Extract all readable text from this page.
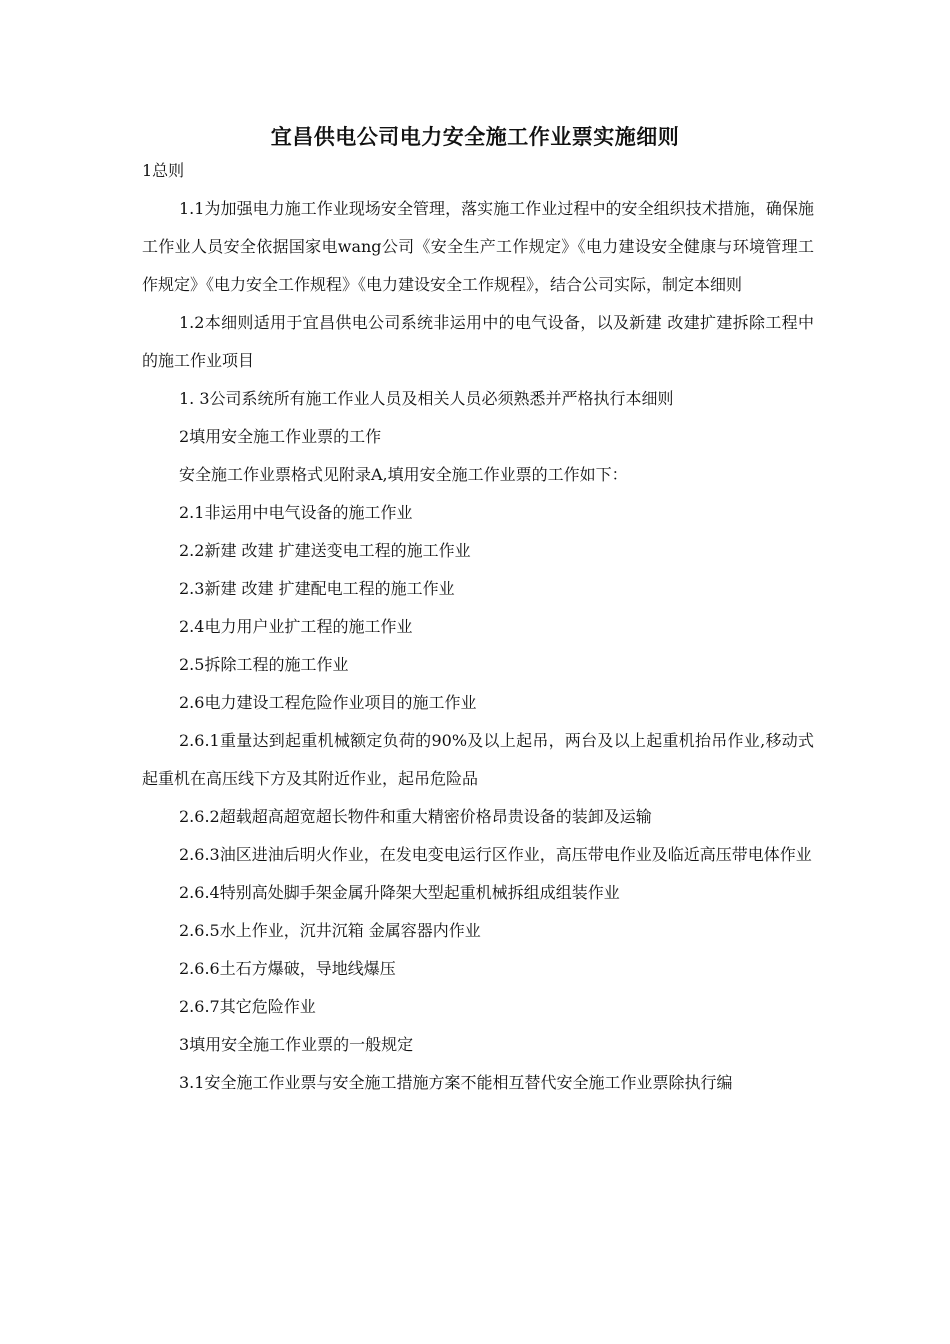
宜昌供电公司电力安全施工作业票实施细则

1总则

1.1为加强电力施工作业现场安全管理，落实施工作业过程中的安全组织技术措施，确保施工作业人员安全依据国家电wang公司《安全生产工作规定》《电力建设安全健康与环境管理工作规定》《电力安全工作规程》《电力建设安全工作规程》，结合公司实际，制定本细则

1.2本细则适用于宜昌供电公司系统非运用中的电气设备，以及新建 改建扩建拆除工程中的施工作业项目

1. 3公司系统所有施工作业人员及相关人员必须熟悉并严格执行本细则

2填用安全施工作业票的工作

安全施工作业票格式见附录A,填用安全施工作业票的工作如下：

2.1非运用中电气设备的施工作业

2.2新建 改建 扩建送变电工程的施工作业

2.3新建 改建 扩建配电工程的施工作业

2.4电力用户业扩工程的施工作业

2.5拆除工程的施工作业

2.6电力建设工程危险作业项目的施工作业

2.6.1重量达到起重机械额定负荷的90%及以上起吊，两台及以上起重机抬吊作业,移动式起重机在高压线下方及其附近作业，起吊危险品

2.6.2超载超高超宽超长物件和重大精密价格昂贵设备的装卸及运输

2.6.3油区进油后明火作业，在发电变电运行区作业，高压带电作业及临近高压带电体作业

2.6.4特别高处脚手架金属升降架大型起重机械拆组成组装作业

2.6.5水上作业，沉井沉箱 金属容器内作业

2.6.6土石方爆破，导地线爆压

2.6.7其它危险作业

3填用安全施工作业票的一般规定

3.1安全施工作业票与安全施工措施方案不能相互替代安全施工作业票除执行编
